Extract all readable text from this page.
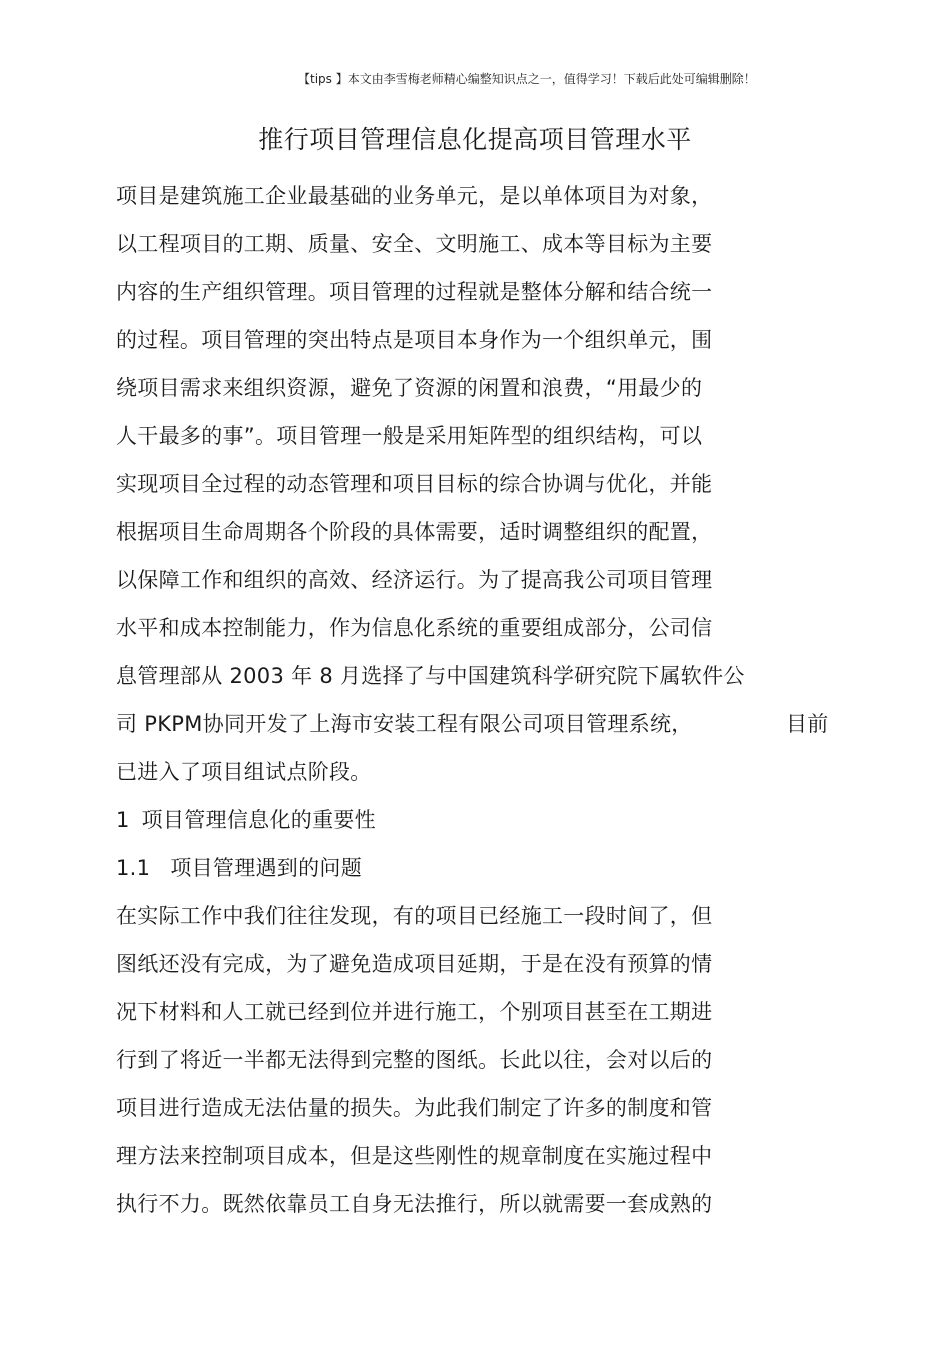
【tips 】本文由李雪梅老师精心编整知识点之一，值得学习！下载后此处可编辑删除！
推行项目管理信息化提高项目管理水平
项目是建筑施工企业最基础的业务单元，是以单体项目为对象，
以工程项目的工期、质量、安全、文明施工、成本等目标为主要
内容的生产组织管理。项目管理的过程就是整体分解和结合统一
的过程。项目管理的突出特点是项目本身作为一个组织单元，围
绕项目需求来组织资源，避免了资源的闲置和浪费，“用最少的
人干最多的事”。项目管理一般是采用矩阵型的组织结构，可以
实现项目全过程的动态管理和项目目标的综合协调与优化，并能
根据项目生命周期各个阶段的具体需要，适时调整组织的配置，
以保障工作和组织的高效、经济运行。为了提高我公司项目管理
水平和成本控制能力，作为信息化系统的重要组成部分，公司信
息管理部从 2003 年 8 月选择了与中国建筑科学研究院下属软件公
司 PKPM协同开发了上海市安装工程有限公司项目管理系统，	目前
已进入了项目组试点阶段。
1 项目管理信息化的重要性
1.1 项目管理遇到的问题
在实际工作中我们往往发现，有的项目已经施工一段时间了，但
图纸还没有完成，为了避免造成项目延期，于是在没有预算的情
况下材料和人工就已经到位并进行施工，个别项目甚至在工期进
行到了将近一半都无法得到完整的图纸。长此以往，会对以后的
项目进行造成无法估量的损失。为此我们制定了许多的制度和管
理方法来控制项目成本，但是这些刚性的规章制度在实施过程中
执行不力。既然依靠员工自身无法推行，所以就需要一套成熟的
